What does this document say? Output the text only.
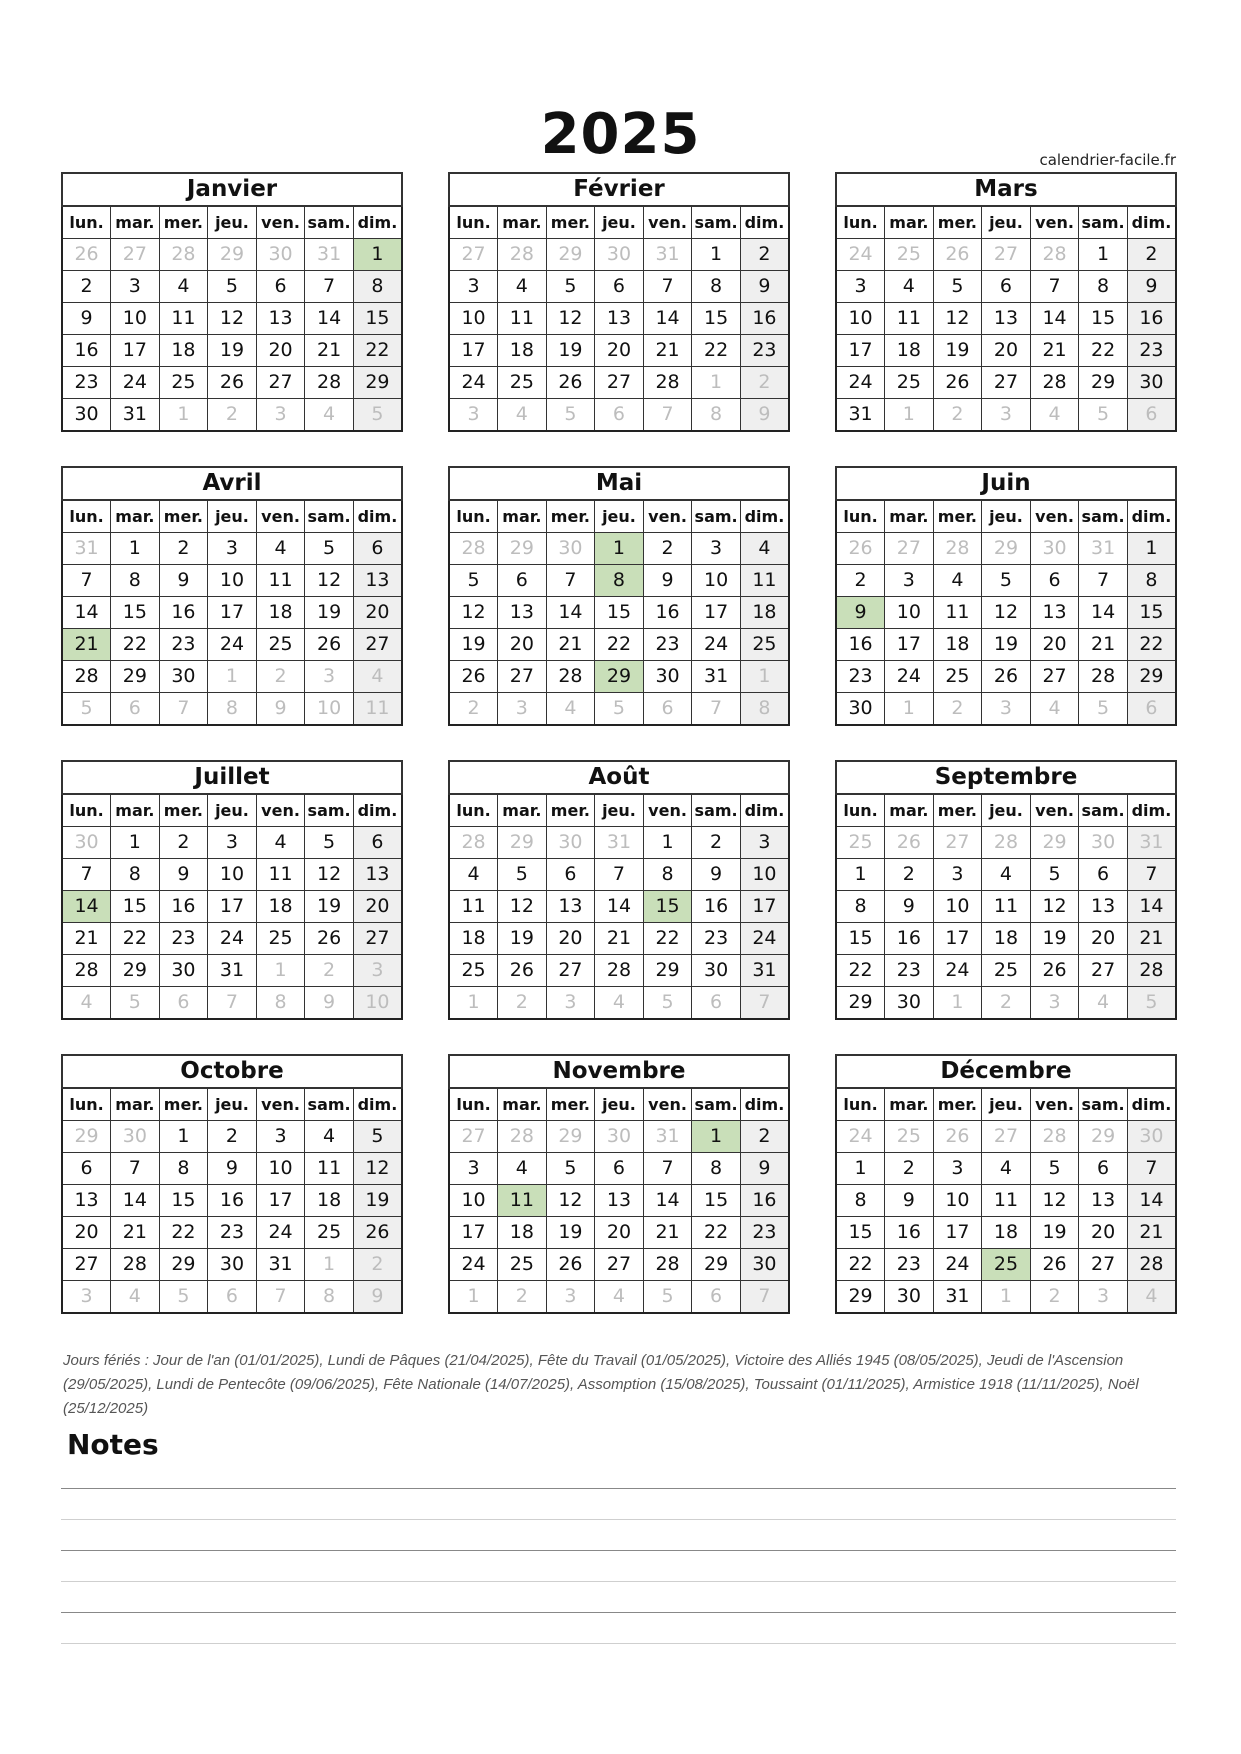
2025	calendrier-facile.fr
Janvier						
lun.	mar.	mer.	jeu.	ven.	sam.	dim.
26	27	28	29	30	31	1
2	3	4	5	6	7	8
9	10	11	12	13	14	15
16	17	18	19	20	21	22
23	24	25	26	27	28	29
30	31	1	2	3	4	5
Février						
lun.	mar.	mer.	jeu.	ven.	sam.	dim.
27	28	29	30	31	1	2
3	4	5	6	7	8	9
10	11	12	13	14	15	16
17	18	19	20	21	22	23
24	25	26	27	28	1	2
3	4	5	6	7	8	9
Mars						
lun.	mar.	mer.	jeu.	ven.	sam.	dim.
24	25	26	27	28	1	2
3	4	5	6	7	8	9
10	11	12	13	14	15	16
17	18	19	20	21	22	23
24	25	26	27	28	29	30
31	1	2	3	4	5	6
Avril						
lun.	mar.	mer.	jeu.	ven.	sam.	dim.
31	1	2	3	4	5	6
7	8	9	10	11	12	13
14	15	16	17	18	19	20
21	22	23	24	25	26	27
28	29	30	1	2	3	4
5	6	7	8	9	10	11
Mai						
lun.	mar.	mer.	jeu.	ven.	sam.	dim.
28	29	30	1	2	3	4
5	6	7	8	9	10	11
12	13	14	15	16	17	18
19	20	21	22	23	24	25
26	27	28	29	30	31	1
2	3	4	5	6	7	8
Juin						
lun.	mar.	mer.	jeu.	ven.	sam.	dim.
26	27	28	29	30	31	1
2	3	4	5	6	7	8
9	10	11	12	13	14	15
16	17	18	19	20	21	22
23	24	25	26	27	28	29
30	1	2	3	4	5	6
Juillet						
lun.	mar.	mer.	jeu.	ven.	sam.	dim.
30	1	2	3	4	5	6
7	8	9	10	11	12	13
14	15	16	17	18	19	20
21	22	23	24	25	26	27
28	29	30	31	1	2	3
4	5	6	7	8	9	10
Août						
lun.	mar.	mer.	jeu.	ven.	sam.	dim.
28	29	30	31	1	2	3
4	5	6	7	8	9	10
11	12	13	14	15	16	17
18	19	20	21	22	23	24
25	26	27	28	29	30	31
1	2	3	4	5	6	7
Septembre						
lun.	mar.	mer.	jeu.	ven.	sam.	dim.
25	26	27	28	29	30	31
1	2	3	4	5	6	7
8	9	10	11	12	13	14
15	16	17	18	19	20	21
22	23	24	25	26	27	28
29	30	1	2	3	4	5
Octobre						
lun.	mar.	mer.	jeu.	ven.	sam.	dim.
29	30	1	2	3	4	5
6	7	8	9	10	11	12
13	14	15	16	17	18	19
20	21	22	23	24	25	26
27	28	29	30	31	1	2
3	4	5	6	7	8	9
Novembre						
lun.	mar.	mer.	jeu.	ven.	sam.	dim.
27	28	29	30	31	1	2
3	4	5	6	7	8	9
10	11	12	13	14	15	16
17	18	19	20	21	22	23
24	25	26	27	28	29	30
1	2	3	4	5	6	7
Décembre						
lun.	mar.	mer.	jeu.	ven.	sam.	dim.
24	25	26	27	28	29	30
1	2	3	4	5	6	7
8	9	10	11	12	13	14
15	16	17	18	19	20	21
22	23	24	25	26	27	28
29	30	31	1	2	3	4
Jours fériés : Jour de l'an (01/01/2025), Lundi de Pâques (21/04/2025), Fête du Travail (01/05/2025), Victoire des Alliés 1945 (08/05/2025), Jeudi de l'Ascension (29/05/2025), Lundi de Pentecôte (09/06/2025), Fête Nationale (14/07/2025), Assomption (15/08/2025), Toussaint (01/11/2025), Armistice 1918 (11/11/2025), Noël (25/12/2025)
Notes
